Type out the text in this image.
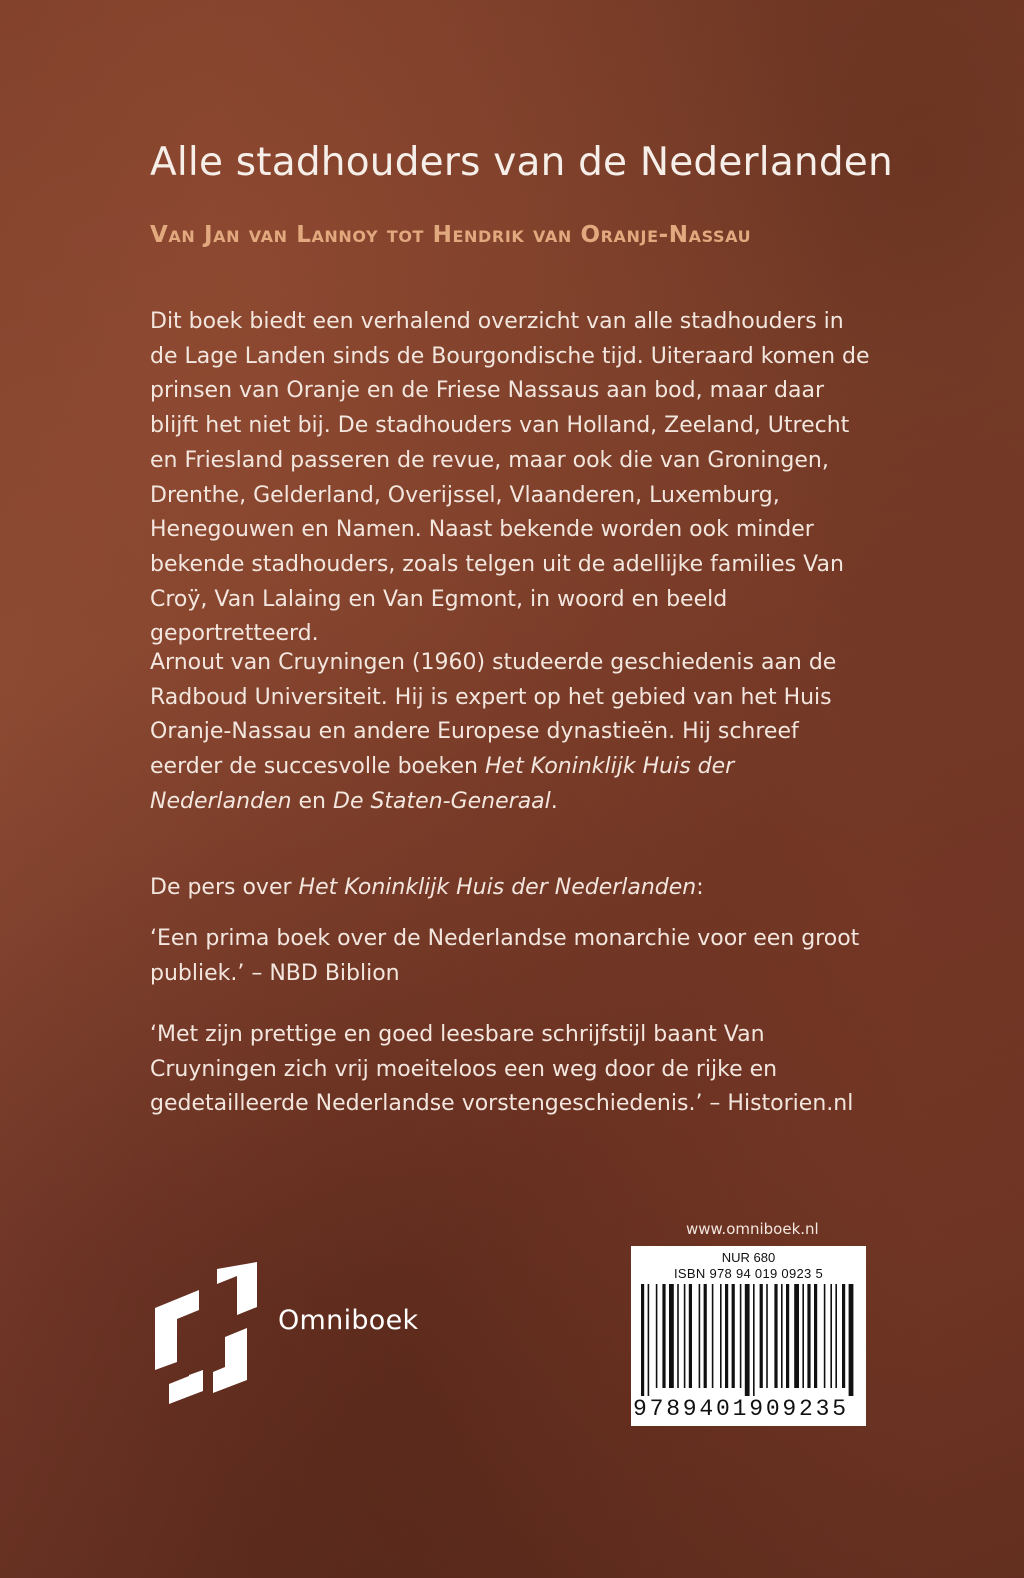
Alle stadhouders van de Nederlanden
Van Jan van Lannoy tot Hendrik van Oranje-Nassau

Dit boek biedt een verhalend overzicht van alle stadhouders in de Lage Landen sinds de Bourgondische tijd. Uiteraard komen de prinsen van Oranje en de Friese Nassaus aan bod, maar daar blijft het niet bij. De stadhouders van Holland, Zeeland, Utrecht en Friesland passeren de revue, maar ook die van Groningen, Drenthe, Gelderland, Overijssel, Vlaanderen, Luxemburg, Henegouwen en Namen. Naast bekende worden ook minder bekende stadhouders, zoals telgen uit de adellijke families Van Croÿ, Van Lalaing en Van Egmont, in woord en beeld geportretteerd.

Arnout van Cruyningen (1960) studeerde geschiedenis aan de Radboud Universiteit. Hij is expert op het gebied van het Huis Oranje-Nassau en andere Europese dynastieën. Hij schreef eerder de succesvolle boeken Het Koninklijk Huis der Nederlanden en De Staten-Generaal.

De pers over Het Koninklijk Huis der Nederlanden:

‘Een prima boek over de Nederlandse monarchie voor een groot publiek.’ – NBD Biblion

‘Met zijn prettige en goed leesbare schrijfstijl baant Van Cruyningen zich vrij moeiteloos een weg door de rijke en gedetailleerde Nederlandse vorstengeschiedenis.’ – Historien.nl

www.omniboek.nl
Omniboek
NUR 680
ISBN 978 94 019 0923 5
9789401909235
